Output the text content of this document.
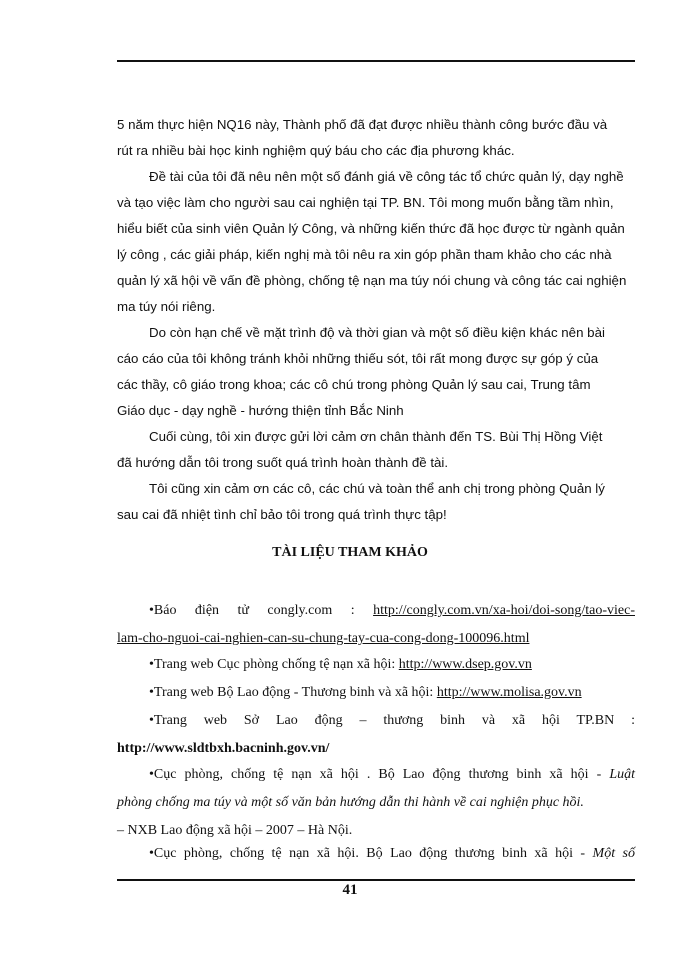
5 năm thực hiện NQ16 này, Thành phố đã đạt được nhiều thành công bước đầu và
rút ra nhiều bài học kinh nghiệm quý báu cho các địa phương khác.

Đề tài của tôi đã nêu nên một số đánh giá về công tác tổ chức quản lý, dạy nghề
và tạo việc làm cho người sau cai nghiện tại TP. BN. Tôi mong muốn bằng tầm nhìn,
hiểu biết của sinh viên Quản lý Công, và những kiến thức đã học được từ ngành quản
lý công , các giải pháp, kiến nghị mà tôi nêu ra xin góp phần tham khảo cho các nhà
quản lý xã hội về vấn đề phòng, chống tệ nạn ma túy nói chung và công tác cai nghiện
ma túy nói riêng.

Do còn hạn chế về mặt trình độ và thời gian và một số điều kiện khác nên bài
cáo cáo của tôi không tránh khỏi những thiếu sót, tôi rất mong được sự góp ý của
các thầy, cô giáo trong khoa; các cô chú trong phòng Quản lý sau cai, Trung tâm
Giáo dục - dạy nghề - hướng thiện tỉnh Bắc Ninh

Cuối cùng, tôi xin được gửi lời cảm ơn chân thành đến TS. Bùi Thị Hồng Việt
đã hướng dẫn tôi trong suốt quá trình hoàn thành đề tài.

Tôi cũng xin cảm ơn các cô, các chú và toàn thể anh chị trong phòng Quản lý
sau cai đã nhiệt tình chỉ bảo tôi trong quá trình thực tập!

TÀI LIỆU THAM KHẢO
•Báo điện tử congly.com : http://congly.com.vn/xa-hoi/doi-song/tao-viec-
lam-cho-nguoi-cai-nghien-can-su-chung-tay-cua-cong-dong-100096.html
•Trang web Cục phòng chống tệ nạn xã hội: http://www.dsep.gov.vn
•Trang web Bộ Lao động - Thương binh và xã hội: http://www.molisa.gov.vn
•Trang web Sở Lao động – thương binh và xã hội TP.BN :
http://www.sldtbxh.bacninh.gov.vn/
•Cục phòng, chống tệ nạn xã hội . Bộ Lao động thương binh xã hội - Luật
phòng chống ma túy và một số văn bản hướng dẫn thi hành về cai nghiện phục hồi.
– NXB Lao động xã hội – 2007 – Hà Nội.
•Cục phòng, chống tệ nạn xã hội. Bộ Lao động thương binh xã hội - Một số
41
